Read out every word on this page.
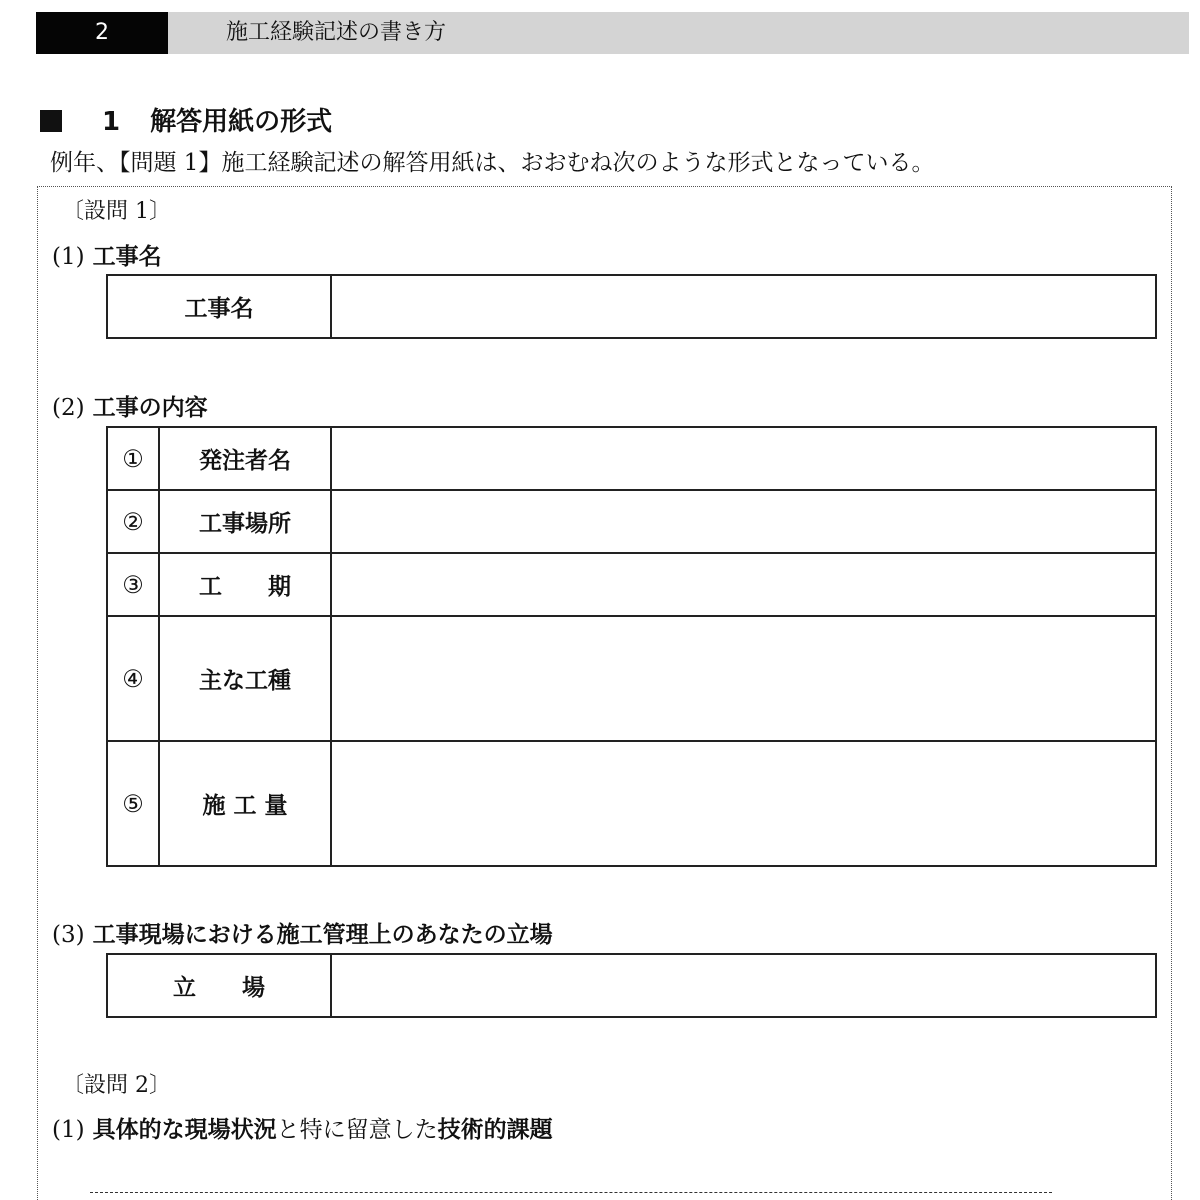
2	施工経験記述の書き方
1 解答用紙の形式
例年、【問題 1】施工経験記述の解答用紙は、おおむね次のような形式となっている。
〔設問 1〕
(1) 工事名
工事名	
(2) 工事の内容
①	発注者名	
②	工事場所	
③	工　　期	
④	主な工種	
⑤	施 工 量	
(3) 工事現場における施工管理上のあなたの立場
立　　場	
〔設問 2〕
(1) 具体的な現場状況と特に留意した技術的課題
